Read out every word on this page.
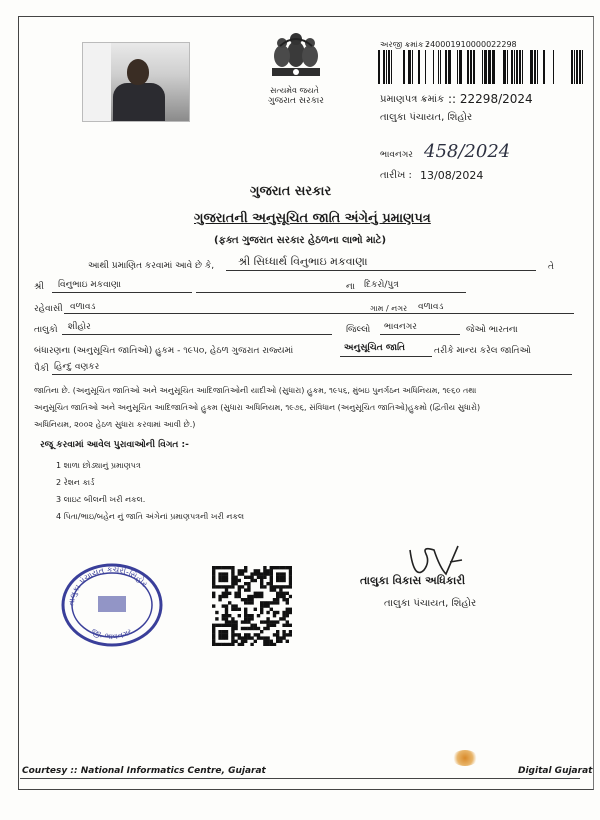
સત્યમેવ જયતે
ગુજરાત સરકાર
અરજી ક્રમાંક :
240001910000022298
પ્રમાણપત્ર ક્રમાંક :: 22298/2024
તાલુકા પંચાયત, શિહોર
ભાવનગર 458/2024
તારીખ : 13/08/2024
ગુજરાત સરકાર
ગુજરાતની અનુસૂચિત જાતિ અંગેનું પ્રમાણપત્ર
(ફક્ત ગુજરાત સરકાર હેઠળના લાભો માટે)
આથી પ્રમાણિત કરવામાં આવે છે કે, શ્રી સિધ્ધાર્થ વિનુભાઇ મકવાણા	તે
શ્રી વિનુભાઇ મકવાણા	ના દિકરો/પુત્ર
રહેવાસી વળાવડ	ગામ / નગર વળાવડ
તાલુકો શીહોર	જિલ્લો ભાવનગર	જેઓ ભારતના
બંધારણના (અનુસૂચિત જાતિઓ) હુકમ - ૧૯૫૦, હેઠળ ગુજરાત રાજ્યમાં	અનુસૂચિત જાતિ	તરીકે માન્ય કરેલ જાતિઓ
પૈકી હિન્દુ વણકર
જાતિના છે. (અનુસૂચિત જાતિઓ અને અનુસૂચિત આદિજાતિઓની યાદીઓ (સુધારા) હુકમ, ૧૯૫૬, મુંબઇ પુનર્ગઠન અધિનિયમ, ૧૯૬૦ તથા
અનુસૂચિત જાતિઓ અને અનુસૂચિત આદિજાતિઓ હુકમ (સુધારા અધિનિયમ, ૧૯૭૬, સંવિધાન (અનુસૂચિત જાતિઓ)હુકમો (દ્વિતીય સુધારો)
અધિનિયમ, ૨૦૦૨ હેઠળ સુધારા કરવામાં આવી છે.)
રજૂ કરવામાં આવેલ પુરાવાઓની વિગત :-
1 શાળા છોડ્યાનું પ્રમાણપત્ર
2 રેશન કાર્ડ
3 લાઇટ બીલની ખરી નકલ.
4 પિતા/ભાઇ/બહેન નું જાતિ અંગેનાં પ્રમાણપત્રની ખરી નકલ
તાલુકા પંચાયત કચેરી-સિહોર
જી. ભાવનગર
તાલુકા વિકાસ અધિકારી
તાલુકા પંચાયત, શિહોર
Courtesy :: National Informatics Centre, Gujarat	Digital Gujarat
